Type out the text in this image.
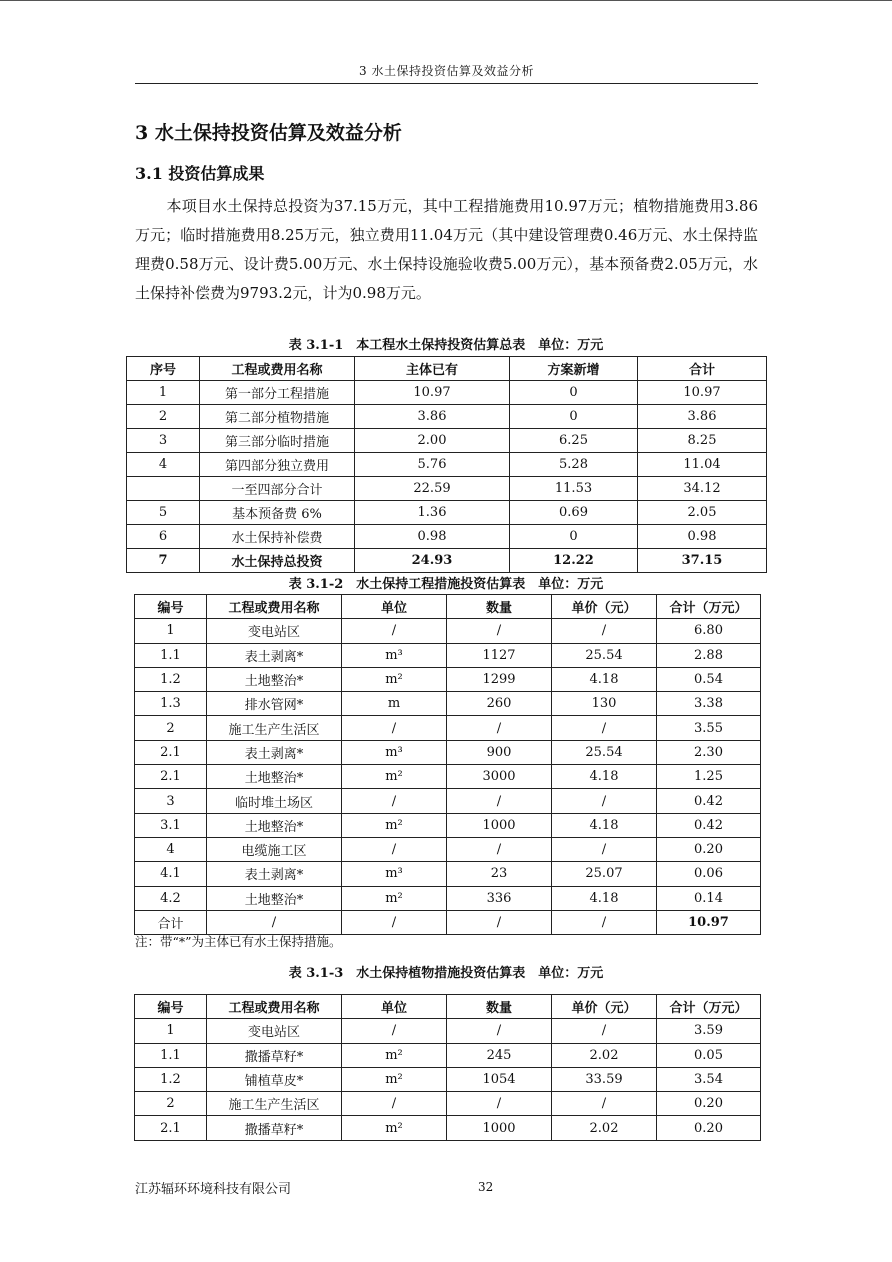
3 水土保持投资估算及效益分析
3 水土保持投资估算及效益分析
3.1 投资估算成果

本项目水土保持总投资为37.15万元，其中工程措施费用10.97万元；植物措施费用3.86万元；临时措施费用8.25万元，独立费用11.04万元（其中建设管理费0.46万元、水土保持监理费0.58万元、设计费5.00万元、水土保持设施验收费5.00万元），基本预备费2.05万元，水土保持补偿费为9793.2元，计为0.98万元。

表 3.1-1　本工程水土保持投资估算总表　单位：万元
序号	工程或费用名称	主体已有	方案新增	合计
1	第一部分工程措施	10.97	0	10.97
2	第二部分植物措施	3.86	0	3.86
3	第三部分临时措施	2.00	6.25	8.25
4	第四部分独立费用	5.76	5.28	11.04
	一至四部分合计	22.59	11.53	34.12
5	基本预备费 6%	1.36	0.69	2.05
6	水土保持补偿费	0.98	0	0.98
7	水土保持总投资	24.93	12.22	37.15
表 3.1-2　水土保持工程措施投资估算表　单位：万元
编号	工程或费用名称	单位	数量	单价（元）	合计（万元）
1	变电站区	/	/	/	6.80
1.1	表土剥离*	m³	1127	25.54	2.88
1.2	土地整治*	m²	1299	4.18	0.54
1.3	排水管网*	m	260	130	3.38
2	施工生产生活区	/	/	/	3.55
2.1	表土剥离*	m³	900	25.54	2.30
2.1	土地整治*	m²	3000	4.18	1.25
3	临时堆土场区	/	/	/	0.42
3.1	土地整治*	m²	1000	4.18	0.42
4	电缆施工区	/	/	/	0.20
4.1	表土剥离*	m³	23	25.07	0.06
4.2	土地整治*	m²	336	4.18	0.14
合计	/	/	/	/	10.97
注：带“*”为主体已有水土保持措施。
表 3.1-3　水土保持植物措施投资估算表　单位：万元
编号	工程或费用名称	单位	数量	单价（元）	合计（万元）
1	变电站区	/	/	/	3.59
1.1	撒播草籽*	m²	245	2.02	0.05
1.2	铺植草皮*	m²	1054	33.59	3.54
2	施工生产生活区	/	/	/	0.20
2.1	撒播草籽*	m²	1000	2.02	0.20
江苏辐环环境科技有限公司	32
